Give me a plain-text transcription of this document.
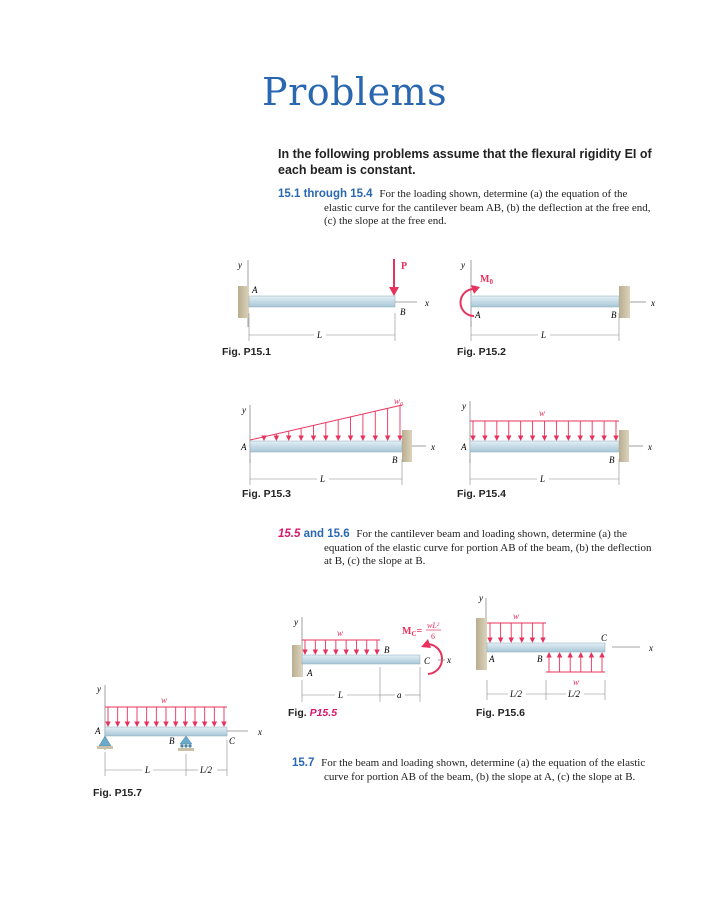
Problems
In the following problems assume that the flexural rigidity EI of each beam is constant.
15.1 through 15.4 For the loading shown, determine (a) the equation of the elastic curve for the cantilever beam AB, (b) the deflection at the free end, (c) the slope at the free end.
15.5 and 15.6 For the cantilever beam and loading shown, determine (a) the equation of the elastic curve for portion AB of the beam, (b) the deflection at B, (c) the slope at B.
15.7 For the beam and loading shown, determine (a) the equation of the elastic curve for portion AB of the beam, (b) the slope at A, (c) the slope at B.
y
A
B
x
P
L
Fig. P15.1
y
$M_0$
A	B
x
L
Fig. P15.2
y
$w_0$
A
B
x
L
Fig. P15.3
y
w
A
B
x
L
Fig. P15.4
y
w
B
A
C
$M_C=$
wL²
6
x
L	a
Fig. P15.5
y
w
w
A	B
C
x
L/2	L/2
Fig. P15.6
y
w
A
B	C
x
L	L/2
Fig. P15.7
